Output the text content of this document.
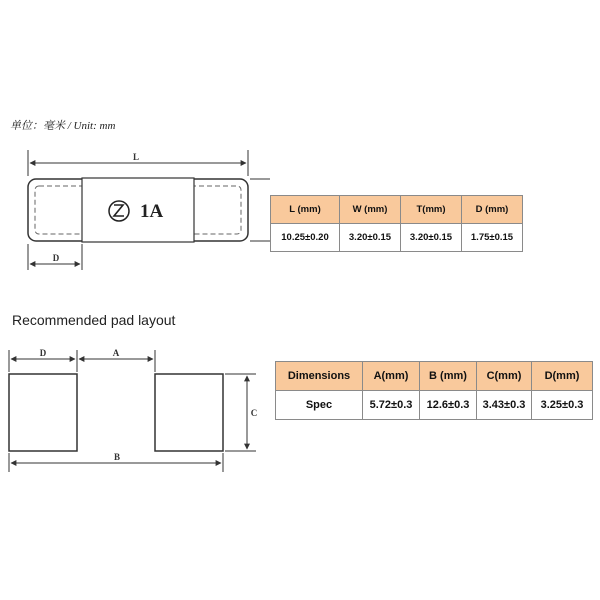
单位：毫米 / Unit: mm
1A
L
D
D	A
B
C
L (mm)	W (mm)	T(mm)	D (mm)
10.25±0.20	3.20±0.15	3.20±0.15	1.75±0.15
Recommended pad layout
Dimensions	A(mm)	B (mm)	C(mm)	D(mm)
Spec	5.72±0.3	12.6±0.3	3.43±0.3	3.25±0.3
